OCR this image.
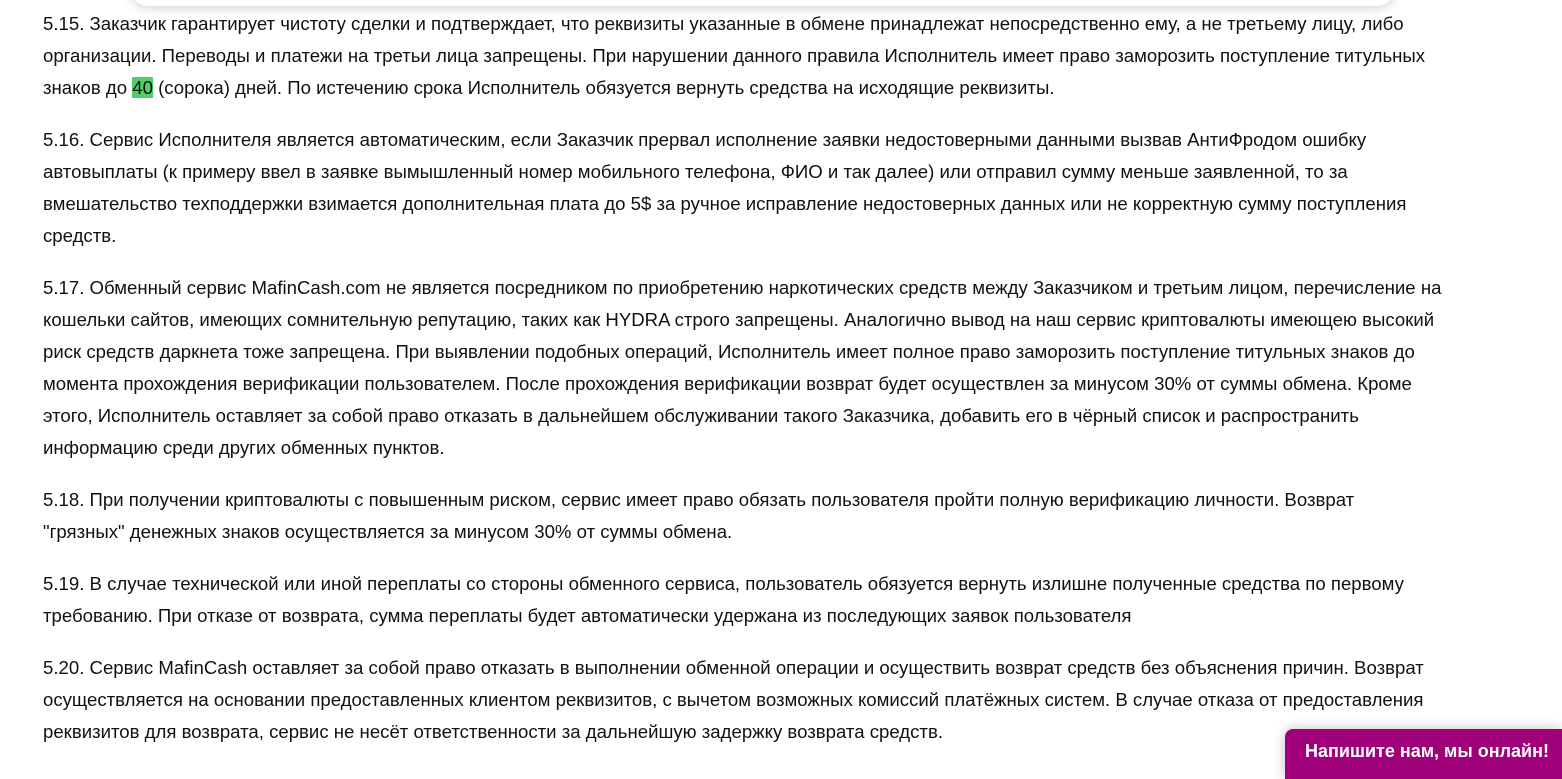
5.15. Заказчик гарантирует чистоту сделки и подтверждает, что реквизиты указанные в обмене принадлежат непосредственно ему, а не третьему лицу, либо
организации. Переводы и платежи на третьи лица запрещены. При нарушении данного правила Исполнитель имеет право заморозить поступление титульных
знаков до 40 (сорока) дней. По истечению срока Исполнитель обязуется вернуть средства на исходящие реквизиты.

5.16. Сервис Исполнителя является автоматическим, если Заказчик прервал исполнение заявки недостоверными данными вызвав АнтиФродом ошибку
автовыплаты (к примеру ввел в заявке вымышленный номер мобильного телефона, ФИО и так далее) или отправил сумму меньше заявленной, то за
вмешательство техподдержки взимается дополнительная плата до 5$ за ручное исправление недостоверных данных или не корректную сумму поступления
средств.

5.17. Обменный сервис MafinCash.com не является посредником по приобретению наркотических средств между Заказчиком и третьим лицом, перечисление на
кошельки сайтов, имеющих сомнительную репутацию, таких как HYDRA строго запрещены. Аналогично вывод на наш сервис криптовалюты имеющею высокий
риск средств даркнета тоже запрещена. При выявлении подобных операций, Исполнитель имеет полное право заморозить поступление титульных знаков до
момента прохождения верификации пользователем. После прохождения верификации возврат будет осуществлен за минусом 30% от суммы обмена. Кроме
этого, Исполнитель оставляет за собой право отказать в дальнейшем обслуживании такого Заказчика, добавить его в чёрный список и распространить
информацию среди других обменных пунктов.

5.18. При получении криптовалюты с повышенным риском, сервис имеет право обязать пользователя пройти полную верификацию личности. Возврат
"грязных" денежных знаков осуществляется за минусом 30% от суммы обмена.

5.19. В случае технической или иной переплаты со стороны обменного сервиса, пользователь обязуется вернуть излишне полученные средства по первому
требованию. При отказе от возврата, сумма переплаты будет автоматически удержана из последующих заявок пользователя

5.20. Сервис MafinCash оставляет за собой право отказать в выполнении обменной операции и осуществить возврат средств без объяснения причин. Возврат
осуществляется на основании предоставленных клиентом реквизитов, с вычетом возможных комиссий платёжных систем. В случае отказа от предоставления
реквизитов для возврата, сервис не несёт ответственности за дальнейшую задержку возврата средств.

Напишите нам, мы онлайн!
